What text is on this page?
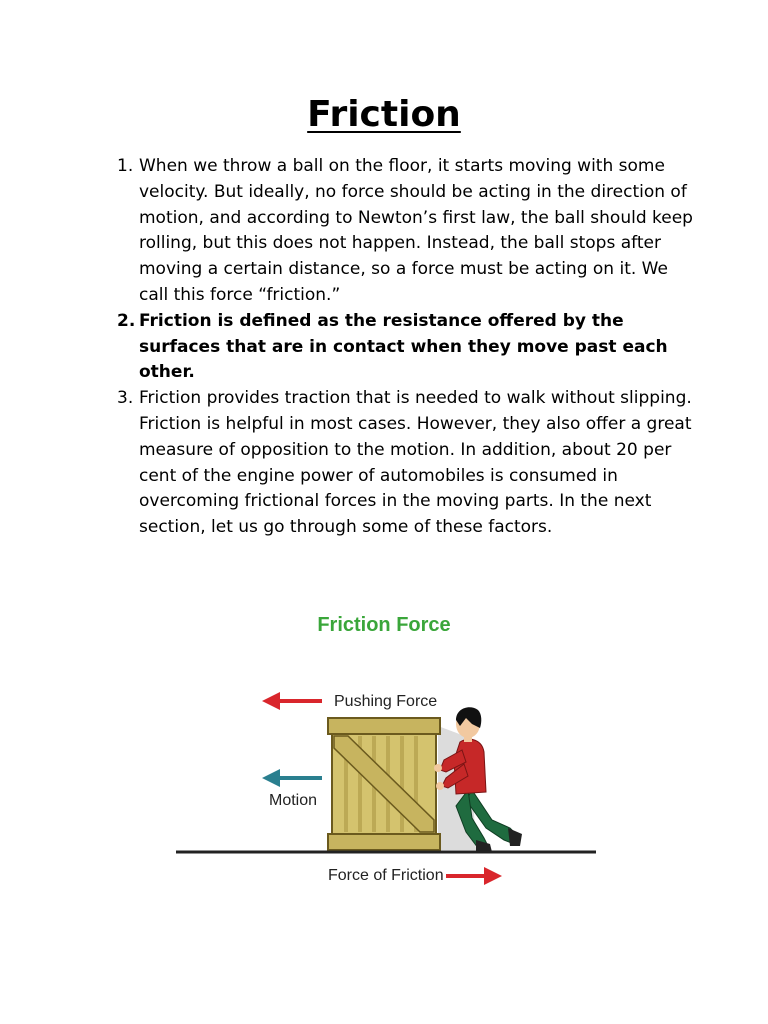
Friction
1. When we throw a ball on the floor, it starts moving with some velocity. But ideally, no force should be acting in the direction of motion, and according to Newton’s first law, the ball should keep rolling, but this does not happen. Instead, the ball stops after moving a certain distance, so a force must be acting on it. We call this force “friction.”
2. Friction is defined as the resistance offered by the surfaces that are in contact when they move past each other.
3. Friction provides traction that is needed to walk without slipping. Friction is helpful in most cases. However, they also offer a great measure of opposition to the motion. In addition, about 20 per cent of the engine power of automobiles is consumed in overcoming frictional forces in the moving parts. In the next section, let us go through some of these factors.
Friction Force
Pushing Force
Motion
Force of Friction
